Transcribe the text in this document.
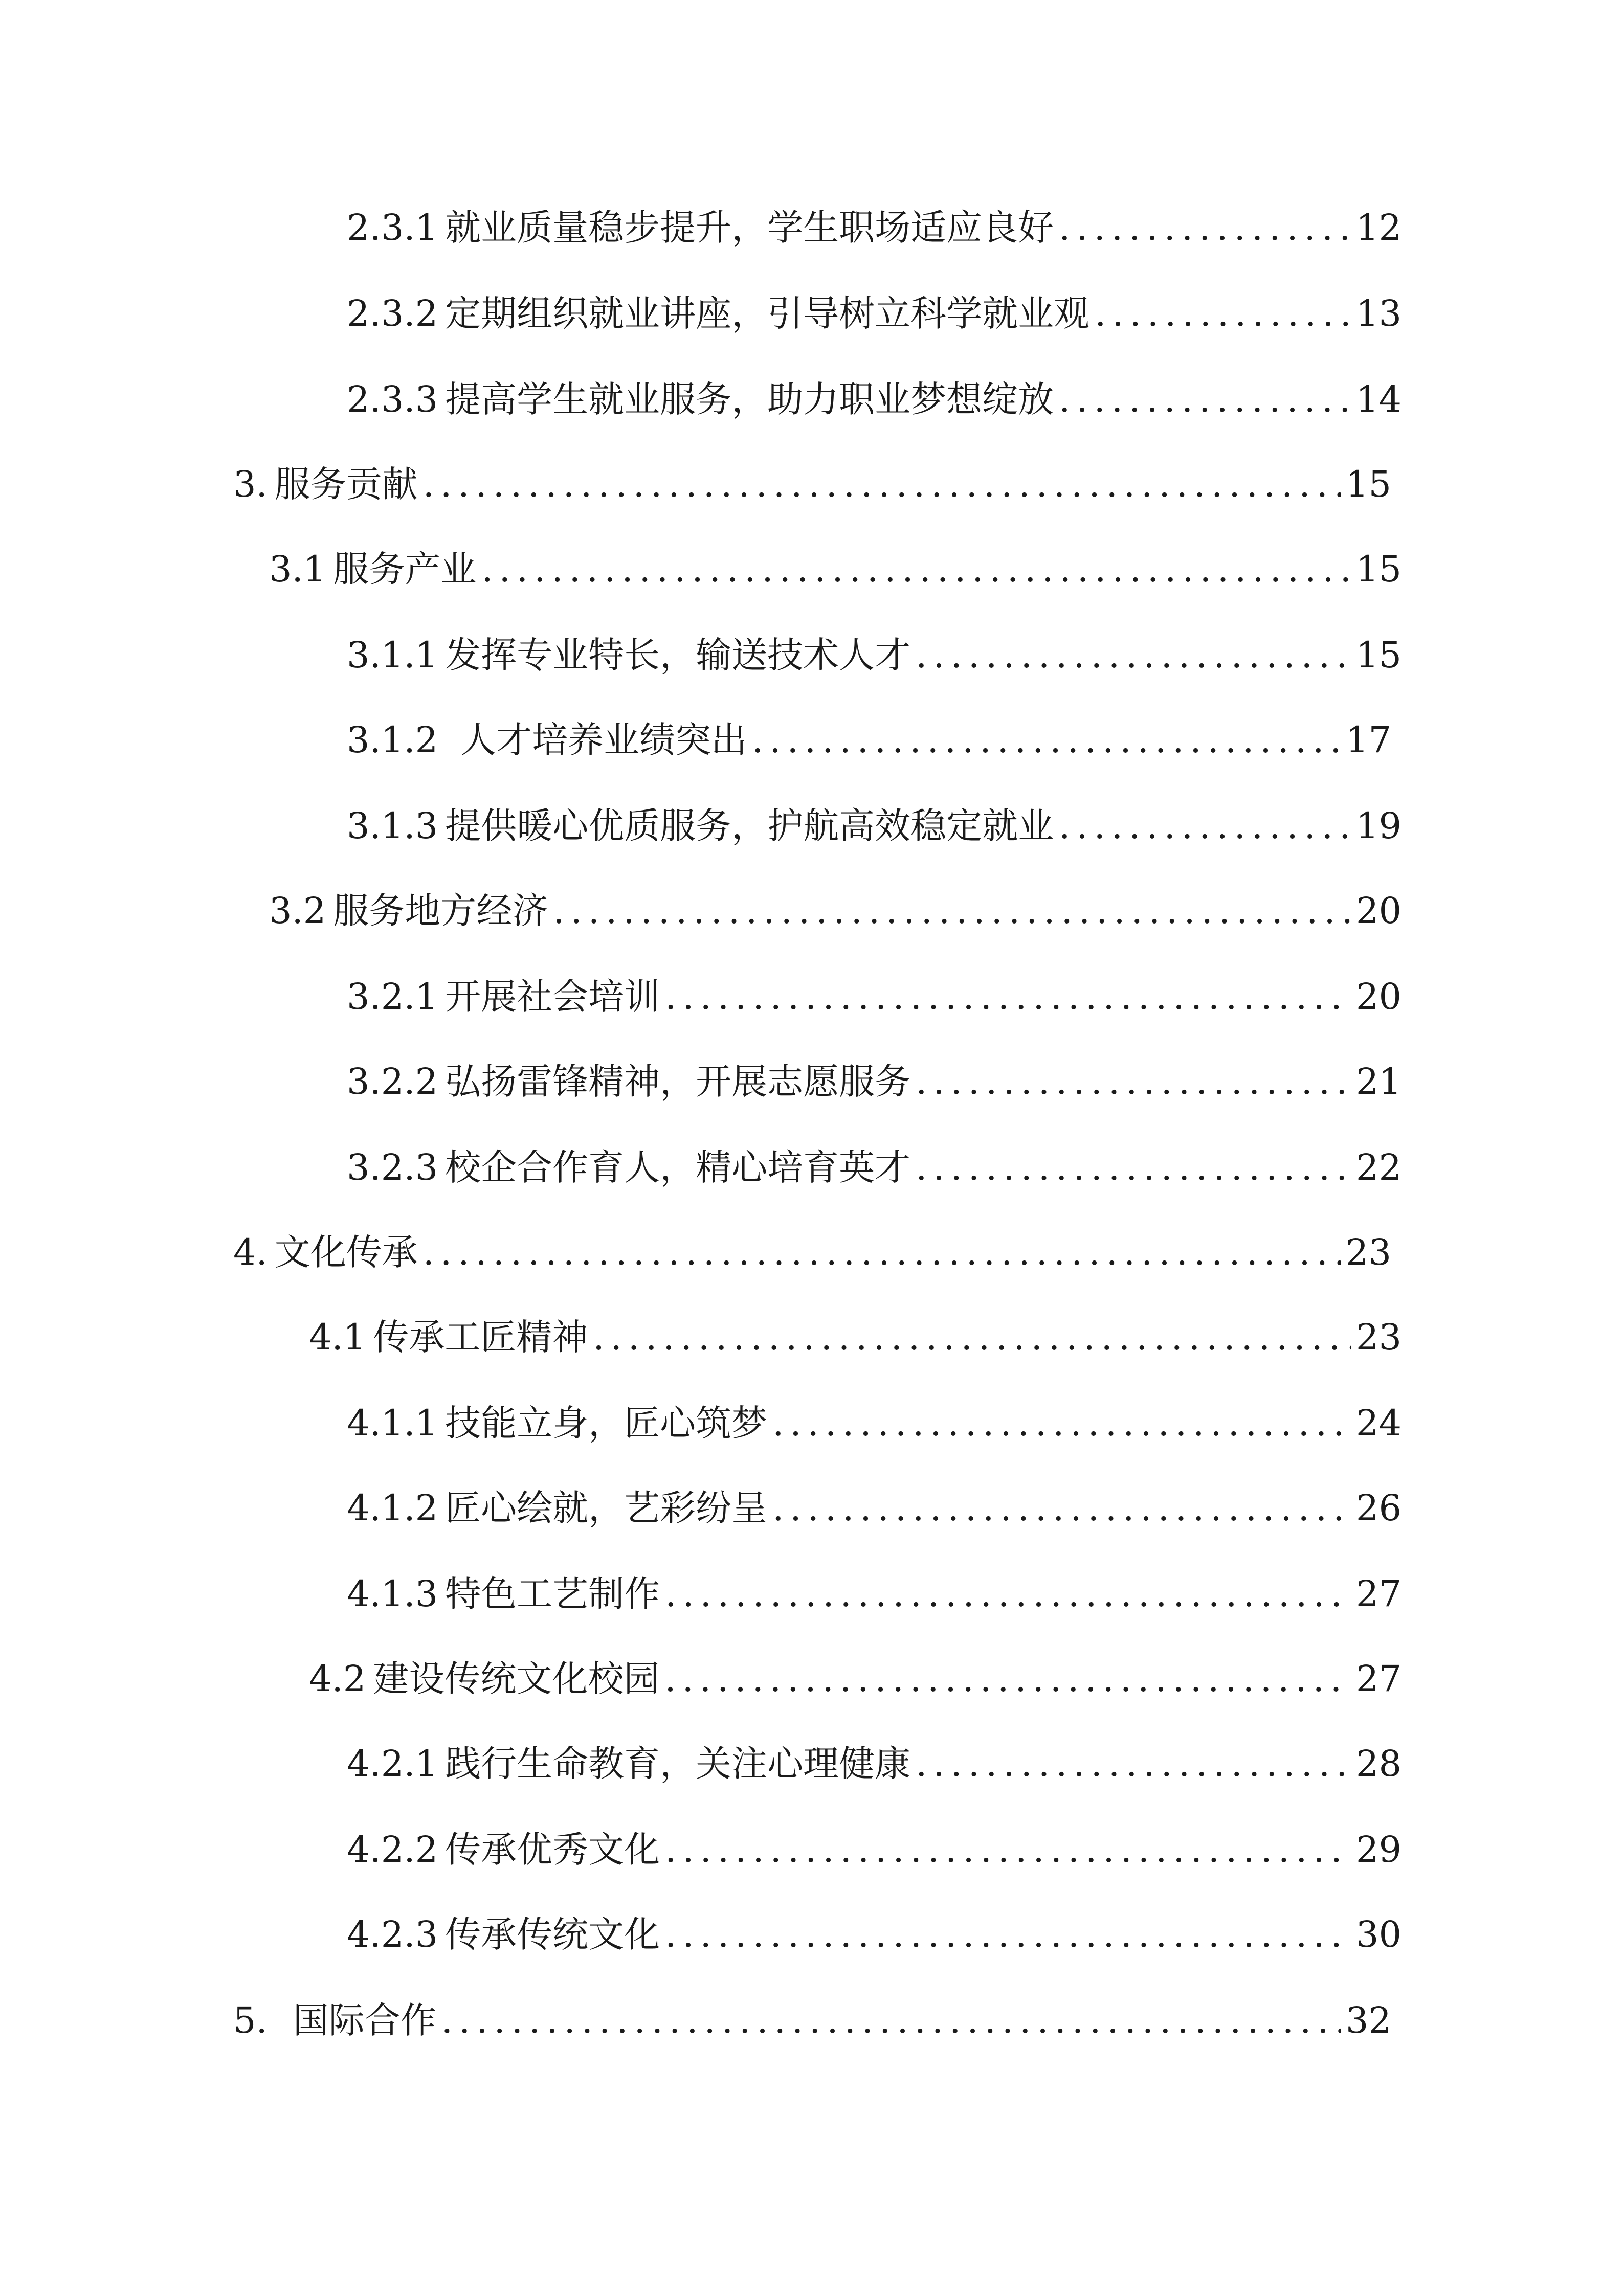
2.3.1 就业质量稳步提升，学生职场适应良好 .....	12
2.3.2 定期组织就业讲座，引导树立科学就业观 .....	13
2.3.3 提高学生就业服务，助力职业梦想绽放 .....	14
3. 服务贡献 .....	15
3.1 服务产业 .....	15
3.1.1 发挥专业特长，输送技术人才 .....	15
3.1.2 人才培养业绩突出 .....	17
3.1.3 提供暖心优质服务，护航高效稳定就业 .....	19
3.2 服务地方经济 .....	20
3.2.1 开展社会培训 .....	20
3.2.2 弘扬雷锋精神，开展志愿服务 .....	21
3.2.3 校企合作育人，精心培育英才 .....	22
4. 文化传承 .....	23
4.1 传承工匠精神 .....	23
4.1.1 技能立身，匠心筑梦 .....	24
4.1.2 匠心绘就，艺彩纷呈 .....	26
4.1.3 特色工艺制作 .....	27
4.2 建设传统文化校园 .....	27
4.2.1 践行生命教育，关注心理健康 .....	28
4.2.2 传承优秀文化 .....	29
4.2.3 传承传统文化 .....	30
5. 国际合作 .....	32
